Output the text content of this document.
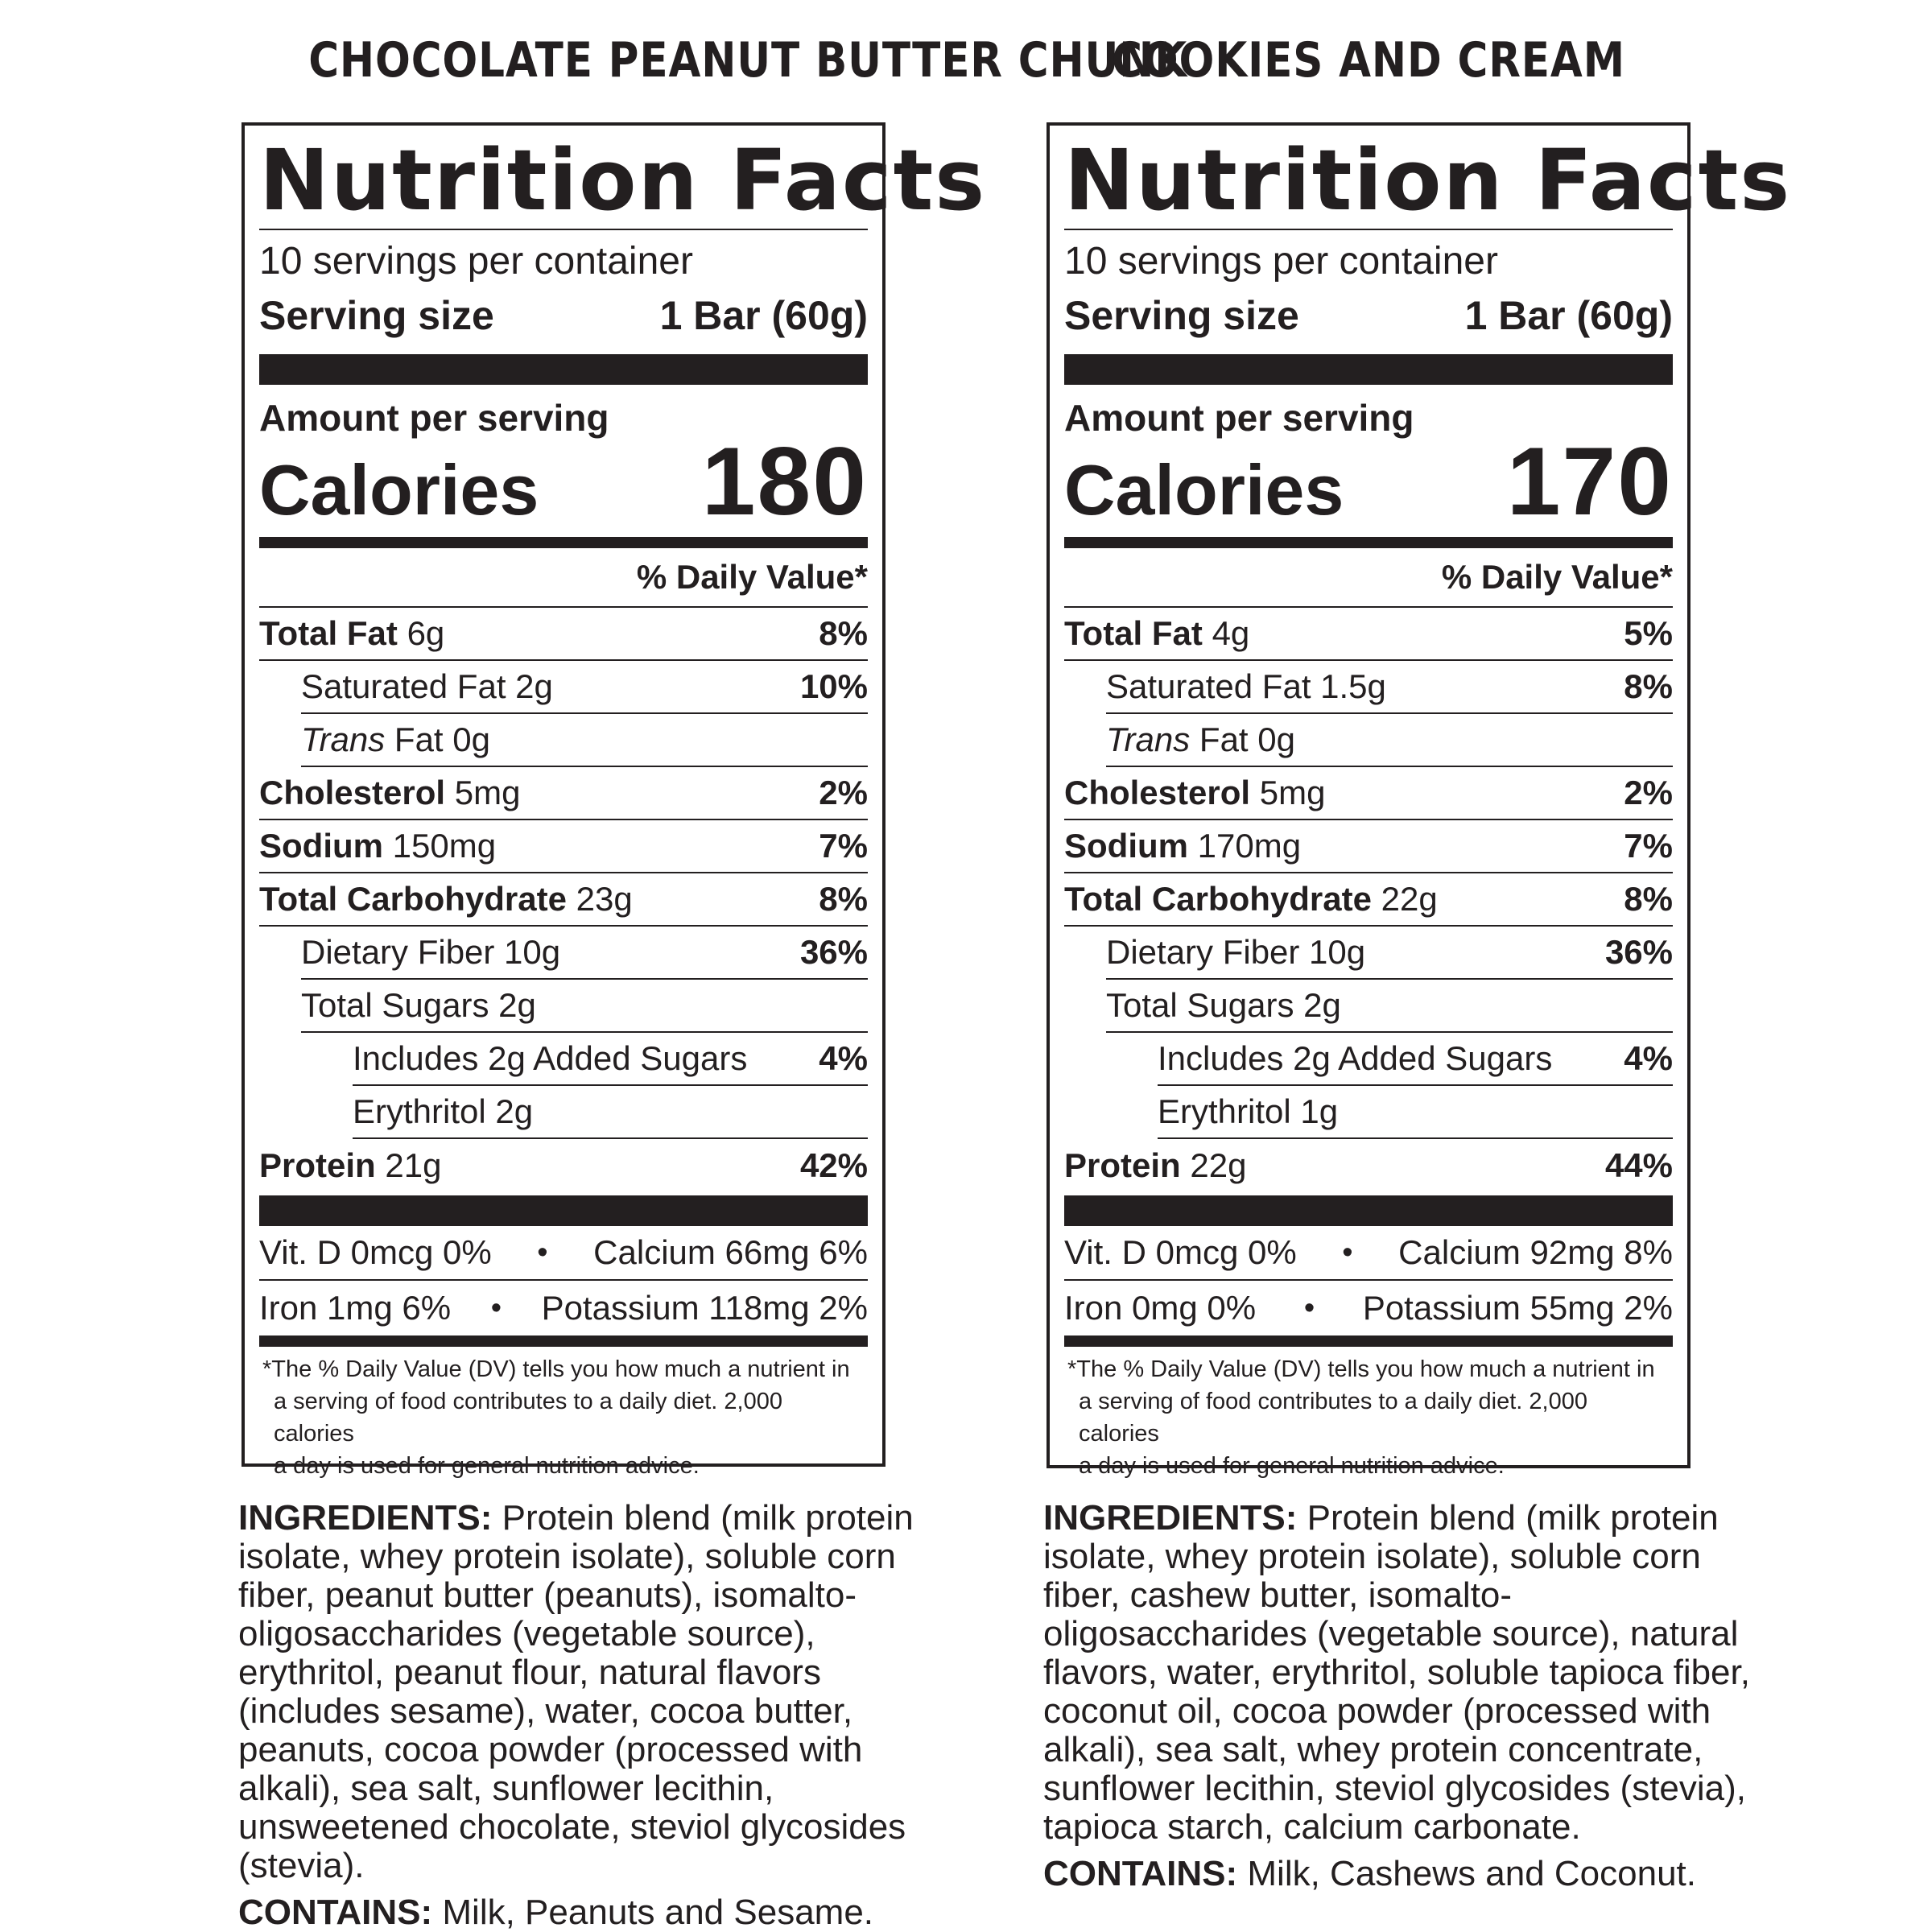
CHOCOLATE PEANUT BUTTER CHUNK
Nutrition Facts
10 servings per container
Serving size	1 Bar (60g)
Amount per serving
Calories 180
% Daily Value*
Total Fat 6g	8%
Saturated Fat 2g	10%
Trans Fat 0g
Cholesterol 5mg	2%
Sodium 150mg	7%
Total Carbohydrate 23g	8%
Dietary Fiber 10g	36%
Total Sugars 2g
Includes 2g Added Sugars 4%
Erythritol 2g
Protein 21g	42%
Vit. D 0mcg 0% • Calcium 66mg 6%
Iron 1mg 6% • Potassium 118mg 2%
*The % Daily Value (DV) tells you how much a nutrient in
a serving of food contributes to a daily diet. 2,000 calories
a day is used for general nutrition advice.
INGREDIENTS: Protein blend (milk protein isolate, whey protein isolate), soluble corn fiber, peanut butter (peanuts), isomalto-oligosaccharides (vegetable source), erythritol, peanut flour, natural flavors (includes sesame), water, cocoa butter, peanuts, cocoa powder (processed with alkali), sea salt, sunflower lecithin, unsweetened chocolate, steviol glycosides (stevia).
CONTAINS: Milk, Peanuts and Sesame.
COOKIES AND CREAM
Nutrition Facts
10 servings per container
Serving size	1 Bar (60g)
Amount per serving
Calories 170
% Daily Value*
Total Fat 4g	5%
Saturated Fat 1.5g	8%
Trans Fat 0g
Cholesterol 5mg	2%
Sodium 170mg	7%
Total Carbohydrate 22g	8%
Dietary Fiber 10g	36%
Total Sugars 2g
Includes 2g Added Sugars 4%
Erythritol 1g
Protein 22g	44%
Vit. D 0mcg 0% • Calcium 92mg 8%
Iron 0mg 0% • Potassium 55mg 2%
*The % Daily Value (DV) tells you how much a nutrient in
a serving of food contributes to a daily diet. 2,000 calories
a day is used for general nutrition advice.
INGREDIENTS: Protein blend (milk protein isolate, whey protein isolate), soluble corn fiber, cashew butter, isomalto-oligosaccharides (vegetable source), natural flavors, water, erythritol, soluble tapioca fiber, coconut oil, cocoa powder (processed with alkali), sea salt, whey protein concentrate, sunflower lecithin, steviol glycosides (stevia), tapioca starch, calcium carbonate.
CONTAINS: Milk, Cashews and Coconut.
